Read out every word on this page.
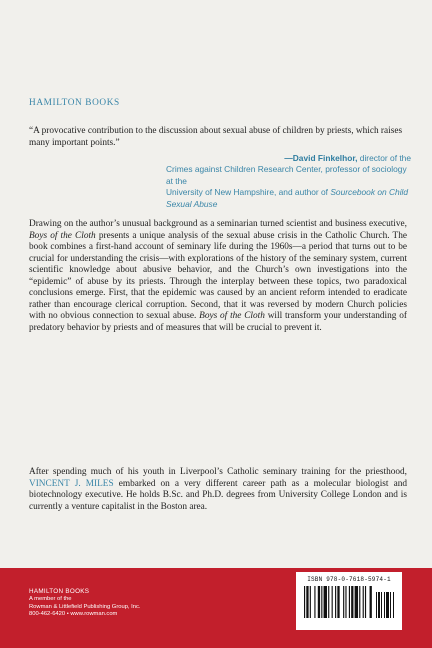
HAMILTON BOOKS
“A provocative contribution to the discussion about sexual abuse of children by priests, which raises many important points.”
—David Finkelhor, director of the
Crimes against Children Research Center, professor of sociology at the
University of New Hampshire, and author of Sourcebook on Child Sexual Abuse
Drawing on the author’s unusual background as a seminarian turned scientist and business executive, Boys of the Cloth presents a unique analysis of the sexual abuse crisis in the Catholic Church. The book combines a first-hand account of seminary life during the 1960s—a period that turns out to be crucial for understanding the crisis—with explorations of the history of the seminary system, current scientific knowledge about abusive behavior, and the Church’s own investigations into the “epidemic” of abuse by its priests. Through the interplay between these topics, two paradoxical conclusions emerge. First, that the epidemic was caused by an ancient reform intended to eradicate rather than encourage clerical corruption. Second, that it was reversed by modern Church policies with no obvious connection to sexual abuse. Boys of the Cloth will transform your understanding of predatory behavior by priests and of measures that will be crucial to prevent it.
After spending much of his youth in Liverpool’s Catholic seminary training for the priesthood, VINCENT J. MILES embarked on a very different career path as a molecular biologist and biotechnology executive. He holds B.Sc. and Ph.D. degrees from University College London and is currently a venture capitalist in the Boston area.
HAMILTON BOOKS
A member of the
Rowman & Littlefield Publishing Group, Inc.
800-462-6420 • www.rowman.com
ISBN 978-0-7618-5974-1
